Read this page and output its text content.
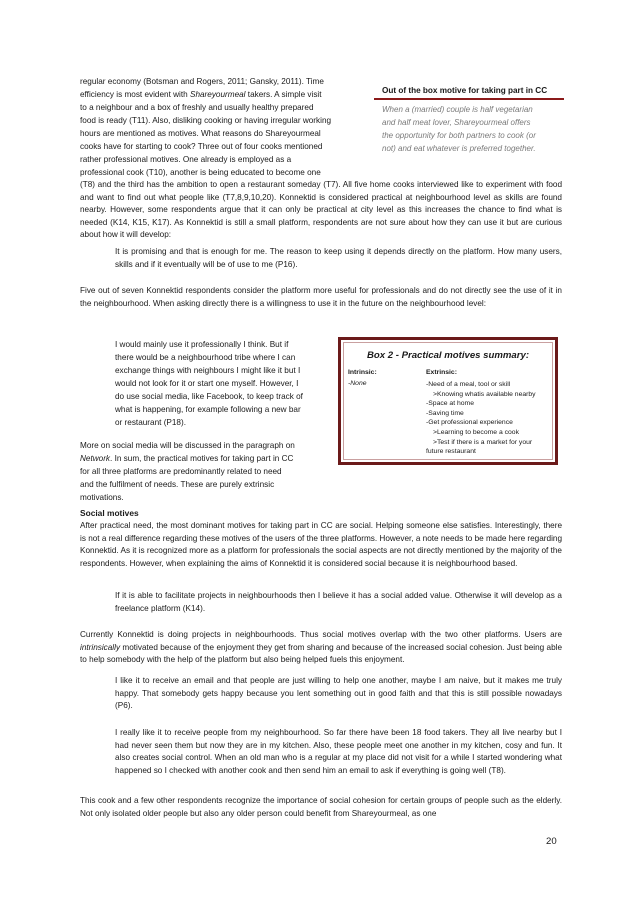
regular economy (Botsman and Rogers, 2011; Gansky, 2011). Time

efficiency is most evident with Shareyourmeal takers. A simple visit

to a neighbour and a box of freshly and usually healthy prepared

food is ready (T11). Also, disliking cooking or having irregular working

hours are mentioned as motives. What reasons do Shareyourmeal

cooks have for starting to cook? Three out of four cooks mentioned

rather professional motives. One already is employed as a

professional cook (T10), another is being educated to become one

(T8) and the third has the ambition to open a restaurant someday (T7). All five home cooks interviewed like to experiment with food and want to find out what people like (T7,8,9,10,20). Konnektid is considered practical at neighbourhood level as skills are found nearby. However, some respondents argue that it can only be practical at city level as this increases the chance to find what is needed (K14, K15, K17). As Konnektid is still a small platform, respondents are not sure about how they can use it but are curious about how it will develop:

Out of the box motive for taking part in CC

When a (married) couple is half vegetarian

and half meat lover, Shareyourmeal offers

the opportunity for both partners to cook (or

not) and eat whatever is preferred together.

It is promising and that is enough for me. The reason to keep using it depends directly on the platform. How many users, skills and if it eventually will be of use to me (P16).

Five out of seven Konnektid respondents consider the platform more useful for professionals and do not directly see the use of it in the neighbourhood. When asking directly there is a willingness to use it in the future on the neighbourhood level:

I would mainly use it professionally I think. But if

there would be a neighbourhood tribe where I can

exchange things with neighbours I might like it but I

would not look for it or start one myself. However, I

do use social media, like Facebook, to keep track of

what is happening, for example following a new bar

or restaurant (P18).

More on social media will be discussed in the paragraph on

Network. In sum, the practical motives for taking part in CC

for all three platforms are predominantly related to need

and the fulfilment of needs. These are purely extrinsic

motivations.

Box 2 - Practical motives summary:

Intrinsic:

-None

Extrinsic:

-Need of a meal, tool or skill
>Knowing whatis available nearby
-Space at home
-Saving time
-Get professional experience
>Learning to become a cook
>Test if there is a market for your
future restaurant

Social motives

After practical need, the most dominant motives for taking part in CC are social. Helping someone else satisfies. Interestingly, there is not a real difference regarding these motives of the users of the three platforms. However, a note needs to be made here regarding Konnektid. As it is recognized more as a platform for professionals the social aspects are not directly mentioned by the majority of the respondents. However, when explaining the aims of Konnektid it is considered social because it is neighbourhood based.

If it is able to facilitate projects in neighbourhoods then I believe it has a social added value. Otherwise it will develop as a freelance platform (K14).

Currently Konnektid is doing projects in neighbourhoods. Thus social motives overlap with the two other platforms. Users are intrinsically motivated because of the enjoyment they get from sharing and because of the increased social cohesion. Just being able to help somebody with the help of the platform but also being helped fuels this enjoyment.

I like it to receive an email and that people are just willing to help one another, maybe I am naive, but it makes me truly happy. That somebody gets happy because you lent something out in good faith and that this is still possible nowadays (P6).

I really like it to receive people from my neighbourhood. So far there have been 18 food takers. They all live nearby but I had never seen them but now they are in my kitchen. Also, these people meet one another in my kitchen, cosy and fun. It also creates social control. When an old man who is a regular at my place did not visit for a while I started wondering what happened so I checked with another cook and then send him an email to ask if everything is going well (T8).

This cook and a few other respondents recognize the importance of social cohesion for certain groups of people such as the elderly. Not only isolated older people but also any older person could benefit from Shareyourmeal, as one

20
